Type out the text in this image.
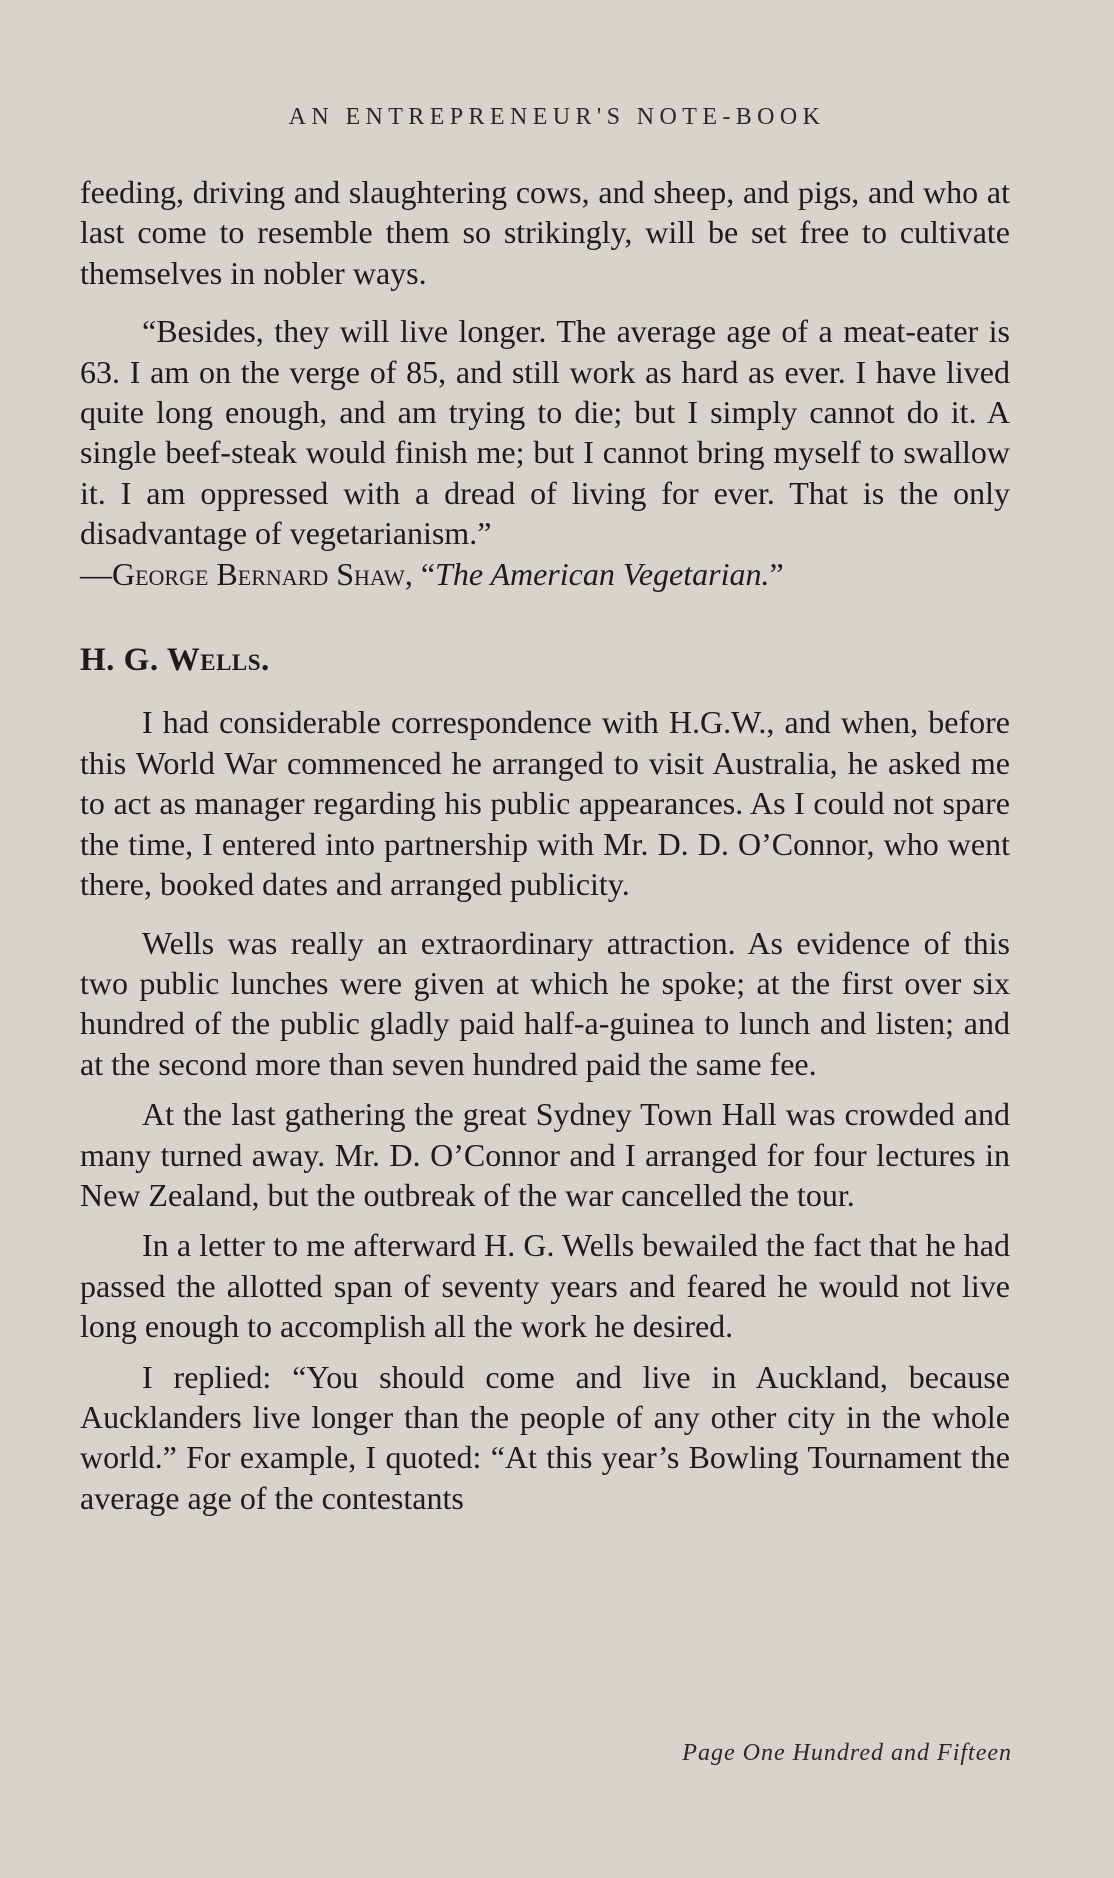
AN ENTREPRENEUR'S NOTE-BOOK

feeding, driving and slaughtering cows, and sheep, and pigs, and who at last come to resemble them so strikingly, will be set free to cultivate themselves in nobler ways.

“Besides, they will live longer. The average age of a meat-eater is 63. I am on the verge of 85, and still work as hard as ever. I have lived quite long enough, and am trying to die; but I simply cannot do it. A single beef-steak would finish me; but I cannot bring myself to swallow it. I am oppressed with a dread of living for ever. That is the only disadvantage of vegetarianism.”

—George Bernard Shaw, “The American Vegetarian.”

H. G. Wells.

I had considerable correspondence with H.G.W., and when, before this World War commenced he arranged to visit Australia, he asked me to act as manager regarding his public appearances. As I could not spare the time, I entered into partnership with Mr. D. D. O’Connor, who went there, booked dates and arranged publicity.

Wells was really an extraordinary attraction. As evidence of this two public lunches were given at which he spoke; at the first over six hundred of the public gladly paid half-a-guinea to lunch and listen; and at the second more than seven hundred paid the same fee.

At the last gathering the great Sydney Town Hall was crowded and many turned away. Mr. D. O’Connor and I arranged for four lectures in New Zealand, but the outbreak of the war cancelled the tour.

In a letter to me afterward H. G. Wells bewailed the fact that he had passed the allotted span of seventy years and feared he would not live long enough to accomplish all the work he desired.

I replied: “You should come and live in Auckland, because Aucklanders live longer than the people of any other city in the whole world.” For example, I quoted: “At this year’s Bowling Tournament the average age of the contestants

Page One Hundred and Fifteen
